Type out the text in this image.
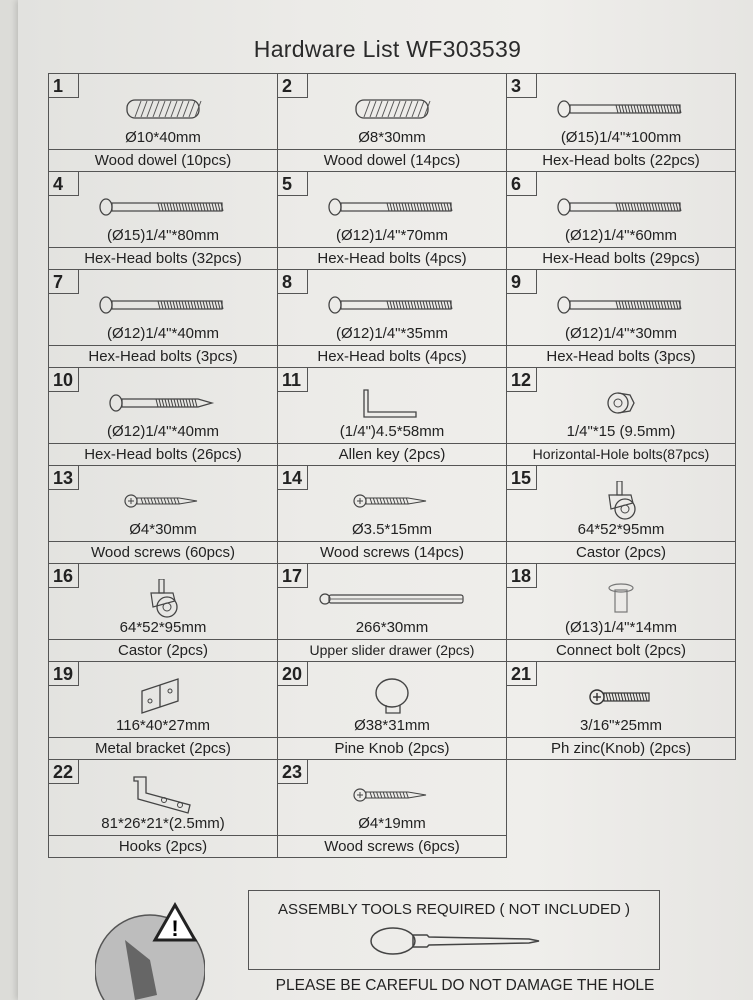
Hardware List WF303539
1
Ø10*40mm
Wood dowel (10pcs)
2
Ø8*30mm
Wood dowel (14pcs)
3
(Ø15)1/4"*100mm
Hex-Head bolts (22pcs)
4
(Ø15)1/4"*80mm
Hex-Head bolts (32pcs)
5
(Ø12)1/4"*70mm
Hex-Head bolts (4pcs)
6
(Ø12)1/4"*60mm
Hex-Head bolts (29pcs)
7
(Ø12)1/4"*40mm
Hex-Head bolts (3pcs)
8
(Ø12)1/4"*35mm
Hex-Head bolts (4pcs)
9
(Ø12)1/4"*30mm
Hex-Head bolts (3pcs)
10
(Ø12)1/4"*40mm
Hex-Head bolts (26pcs)
11
(1/4")4.5*58mm
Allen key (2pcs)
12
1/4"*15 (9.5mm)
Horizontal-Hole bolts(87pcs)
13
Ø4*30mm
Wood screws (60pcs)
14
Ø3.5*15mm
Wood screws (14pcs)
15
64*52*95mm
Castor (2pcs)
16
64*52*95mm
Castor (2pcs)
17
266*30mm
Upper slider drawer (2pcs)
18
(Ø13)1/4"*14mm
Connect bolt (2pcs)
19
116*40*27mm
Metal bracket (2pcs)
20
Ø38*31mm
Pine Knob (2pcs)
21
3/16"*25mm
Ph zinc(Knob) (2pcs)
22
81*26*21*(2.5mm)
Hooks (2pcs)
23
Ø4*19mm
Wood screws (6pcs)
ASSEMBLY TOOLS REQUIRED ( NOT INCLUDED )
!
PLEASE BE CAREFUL DO NOT DAMAGE THE HOLE
